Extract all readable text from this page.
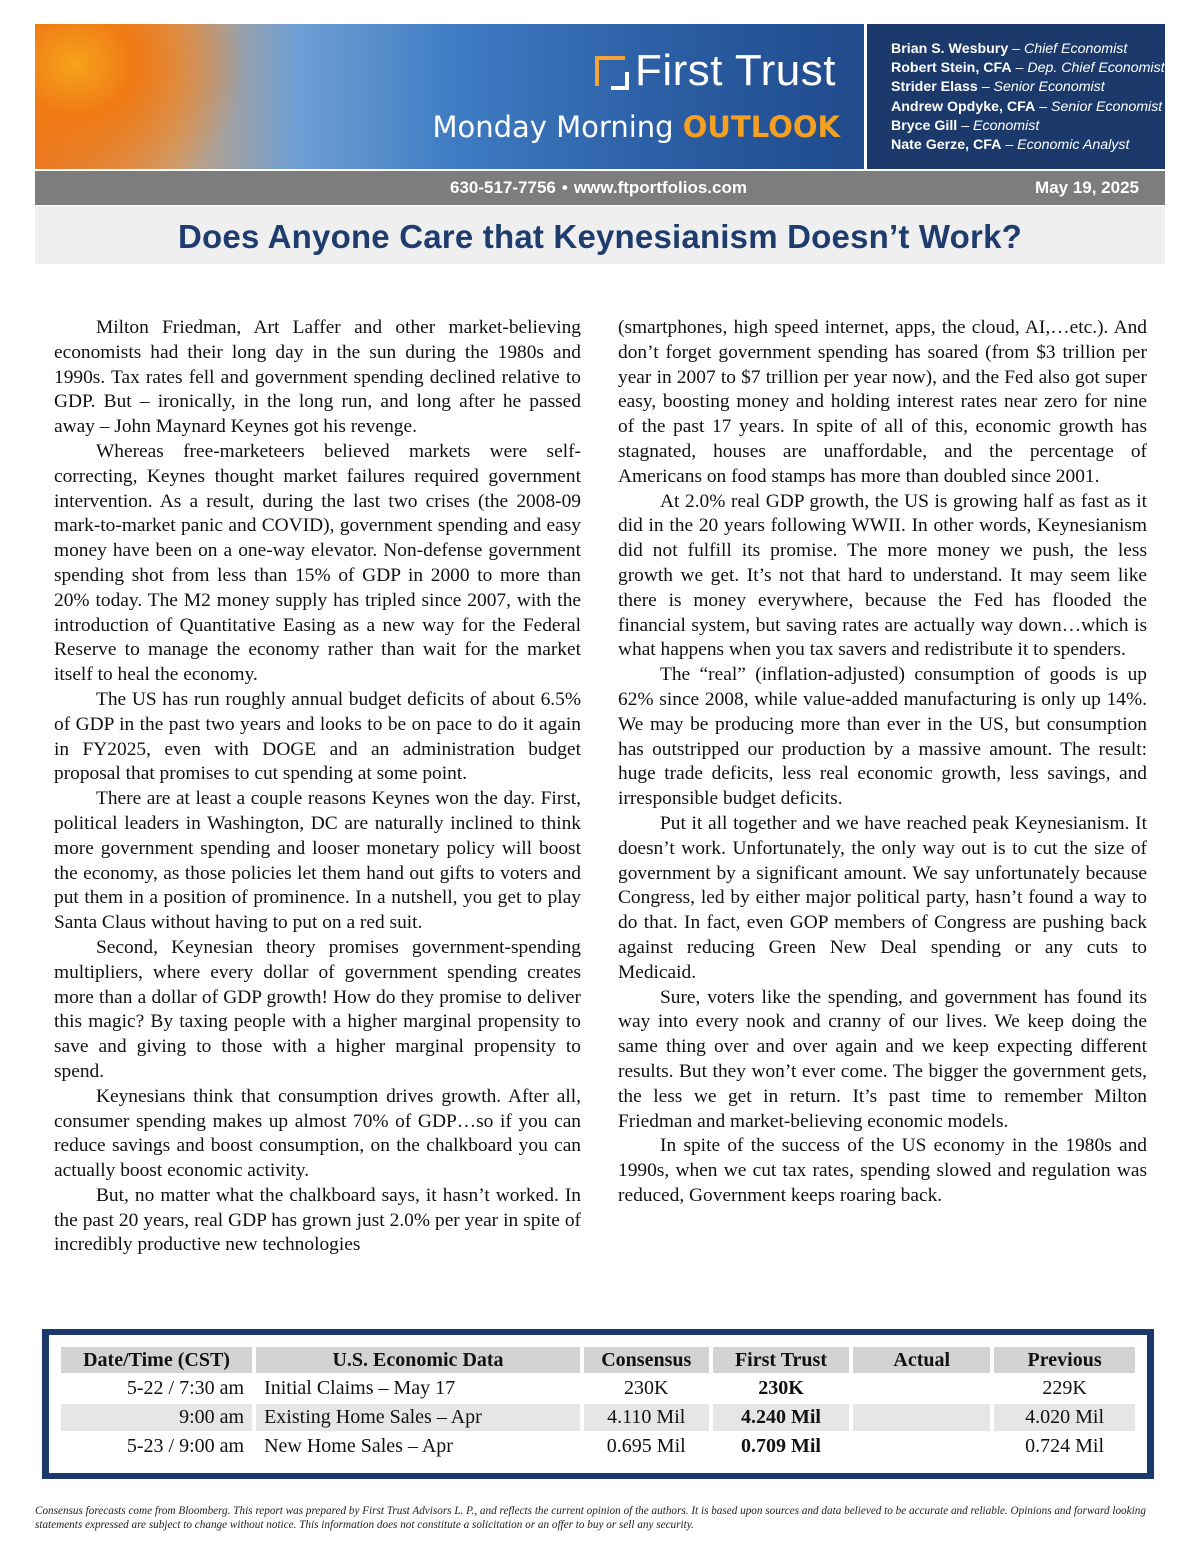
First Trust
Monday Morning OUTLOOK
Brian S. Wesbury – Chief Economist
Robert Stein, CFA – Dep. Chief Economist
Strider Elass – Senior Economist
Andrew Opdyke, CFA – Senior Economist
Bryce Gill – Economist
Nate Gerze, CFA – Economic Analyst
630-517-7756 • www.ftportfolios.com	May 19, 2025
Does Anyone Care that Keynesianism Doesn’t Work?

Milton Friedman, Art Laffer and other market-believing economists had their long day in the sun during the 1980s and 1990s. Tax rates fell and government spending declined relative to GDP. But – ironically, in the long run, and long after he passed away – John Maynard Keynes got his revenge.

Whereas free-marketeers believed markets were self-correcting, Keynes thought market failures required government intervention. As a result, during the last two crises (the 2008-09 mark-to-market panic and COVID), government spending and easy money have been on a one-way elevator. Non-defense government spending shot from less than 15% of GDP in 2000 to more than 20% today. The M2 money supply has tripled since 2007, with the introduction of Quantitative Easing as a new way for the Federal Reserve to manage the economy rather than wait for the market itself to heal the economy.

The US has run roughly annual budget deficits of about 6.5% of GDP in the past two years and looks to be on pace to do it again in FY2025, even with DOGE and an administration budget proposal that promises to cut spending at some point.

There are at least a couple reasons Keynes won the day. First, political leaders in Washington, DC are naturally inclined to think more government spending and looser monetary policy will boost the economy, as those policies let them hand out gifts to voters and put them in a position of prominence. In a nutshell, you get to play Santa Claus without having to put on a red suit.

Second, Keynesian theory promises government-spending multipliers, where every dollar of government spending creates more than a dollar of GDP growth! How do they promise to deliver this magic? By taxing people with a higher marginal propensity to save and giving to those with a higher marginal propensity to spend.

Keynesians think that consumption drives growth. After all, consumer spending makes up almost 70% of GDP…so if you can reduce savings and boost consumption, on the chalkboard you can actually boost economic activity.

But, no matter what the chalkboard says, it hasn’t worked. In the past 20 years, real GDP has grown just 2.0% per year in spite of incredibly productive new technologies

(smartphones, high speed internet, apps, the cloud, AI,…etc.). And don’t forget government spending has soared (from $3 trillion per year in 2007 to $7 trillion per year now), and the Fed also got super easy, boosting money and holding interest rates near zero for nine of the past 17 years. In spite of all of this, economic growth has stagnated, houses are unaffordable, and the percentage of Americans on food stamps has more than doubled since 2001.

At 2.0% real GDP growth, the US is growing half as fast as it did in the 20 years following WWII. In other words, Keynesianism did not fulfill its promise. The more money we push, the less growth we get. It’s not that hard to understand. It may seem like there is money everywhere, because the Fed has flooded the financial system, but saving rates are actually way down…which is what happens when you tax savers and redistribute it to spenders.

The “real” (inflation-adjusted) consumption of goods is up 62% since 2008, while value-added manufacturing is only up 14%. We may be producing more than ever in the US, but consumption has outstripped our production by a massive amount. The result: huge trade deficits, less real economic growth, less savings, and irresponsible budget deficits.

Put it all together and we have reached peak Keynesianism. It doesn’t work. Unfortunately, the only way out is to cut the size of government by a significant amount. We say unfortunately because Congress, led by either major political party, hasn’t found a way to do that. In fact, even GOP members of Congress are pushing back against reducing Green New Deal spending or any cuts to Medicaid.

Sure, voters like the spending, and government has found its way into every nook and cranny of our lives. We keep doing the same thing over and over again and we keep expecting different results. But they won’t ever come. The bigger the government gets, the less we get in return. It’s past time to remember Milton Friedman and market-believing economic models.

In spite of the success of the US economy in the 1980s and 1990s, when we cut tax rates, spending slowed and regulation was reduced, Government keeps roaring back.

Date/Time (CST)	U.S. Economic Data	Consensus	First Trust	Actual	Previous
5-22 / 7:30 am	Initial Claims – May 17	230K	230K		229K
9:00 am	Existing Home Sales – Apr	4.110 Mil	4.240 Mil		4.020 Mil
5-23 / 9:00 am	New Home Sales – Apr	0.695 Mil	0.709 Mil		0.724 Mil
Consensus forecasts come from Bloomberg. This report was prepared by First Trust Advisors L. P., and reflects the current opinion of the authors. It is based upon sources and data believed to be accurate and reliable. Opinions and forward looking statements expressed are subject to change without notice. This information does not constitute a solicitation or an offer to buy or sell any security.
